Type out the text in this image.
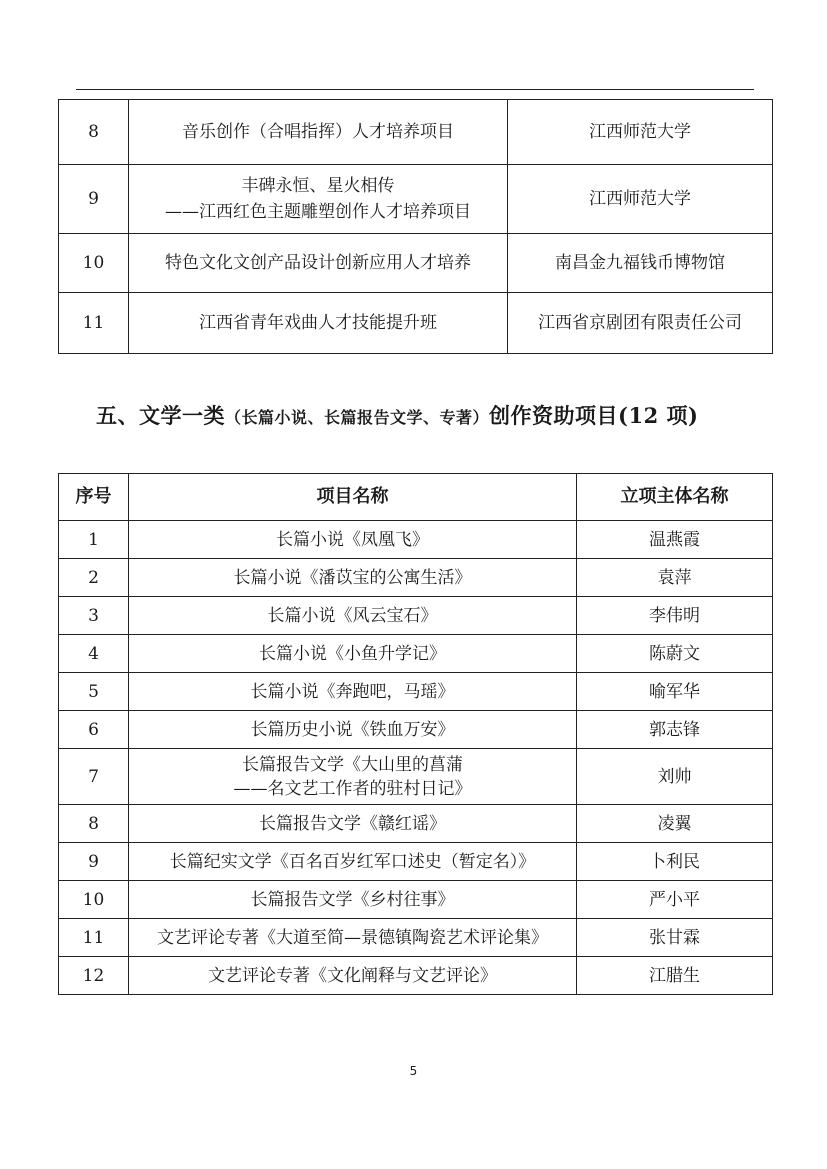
8	音乐创作（合唱指挥）人才培养项目	江西师范大学
9	丰碑永恒、星火相传
——江西红色主题雕塑创作人才培养项目	江西师范大学
10	特色文化文创产品设计创新应用人才培养	南昌金九福钱币博物馆
11	江西省青年戏曲人才技能提升班	江西省京剧团有限责任公司
五、文学一类（长篇小说、长篇报告文学、专著）创作资助项目(12 项)
序号	项目名称	立项主体名称
1	长篇小说《凤凰飞》	温燕霞
2	长篇小说《潘苡宝的公寓生活》	袁萍
3	长篇小说《风云宝石》	李伟明
4	长篇小说《小鱼升学记》	陈蔚文
5	长篇小说《奔跑吧，马瑶》	喻军华
6	长篇历史小说《铁血万安》	郭志锋
7	长篇报告文学《大山里的菖蒲
——名文艺工作者的驻村日记》	刘帅
8	长篇报告文学《赣红谣》	凌翼
9	长篇纪实文学《百名百岁红军口述史（暂定名）》	卜利民
10	长篇报告文学《乡村往事》	严小平
11	文艺评论专著《大道至简—景德镇陶瓷艺术评论集》	张甘霖
12	文艺评论专著《文化阐释与文艺评论》	江腊生
5
